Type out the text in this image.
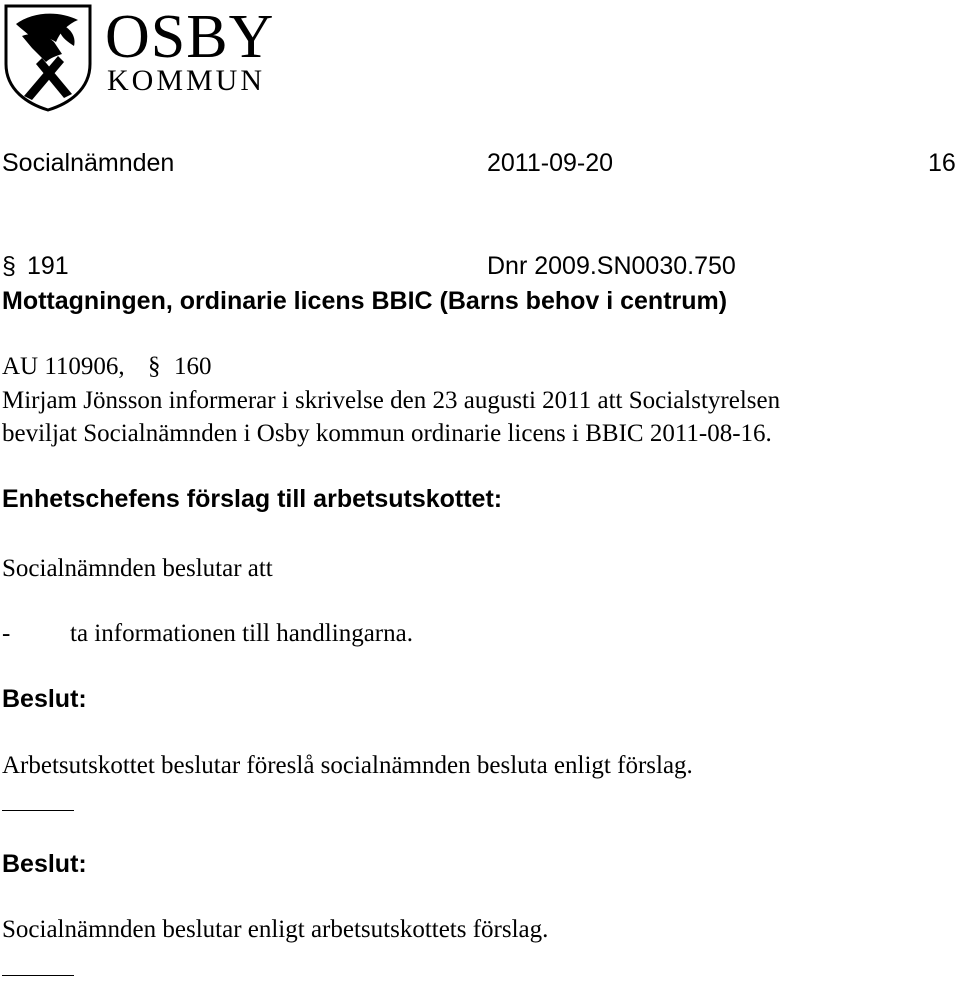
OSBY
KOMMUN
Socialnämnden	2011-09-20	16
§ 191	Dnr 2009.SN0030.750
Mottagningen, ordinarie licens BBIC (Barns behov i centrum)
AU 110906, § 160
Mirjam Jönsson informerar i skrivelse den 23 augusti 2011 att Socialstyrelsen
beviljat Socialnämnden i Osby kommun ordinarie licens i BBIC 2011-08-16.
Enhetschefens förslag till arbetsutskottet:
Socialnämnden beslutar att
- ta informationen till handlingarna.
Beslut:
Arbetsutskottet beslutar föreslå socialnämnden besluta enligt förslag.
Beslut:
Socialnämnden beslutar enligt arbetsutskottets förslag.
